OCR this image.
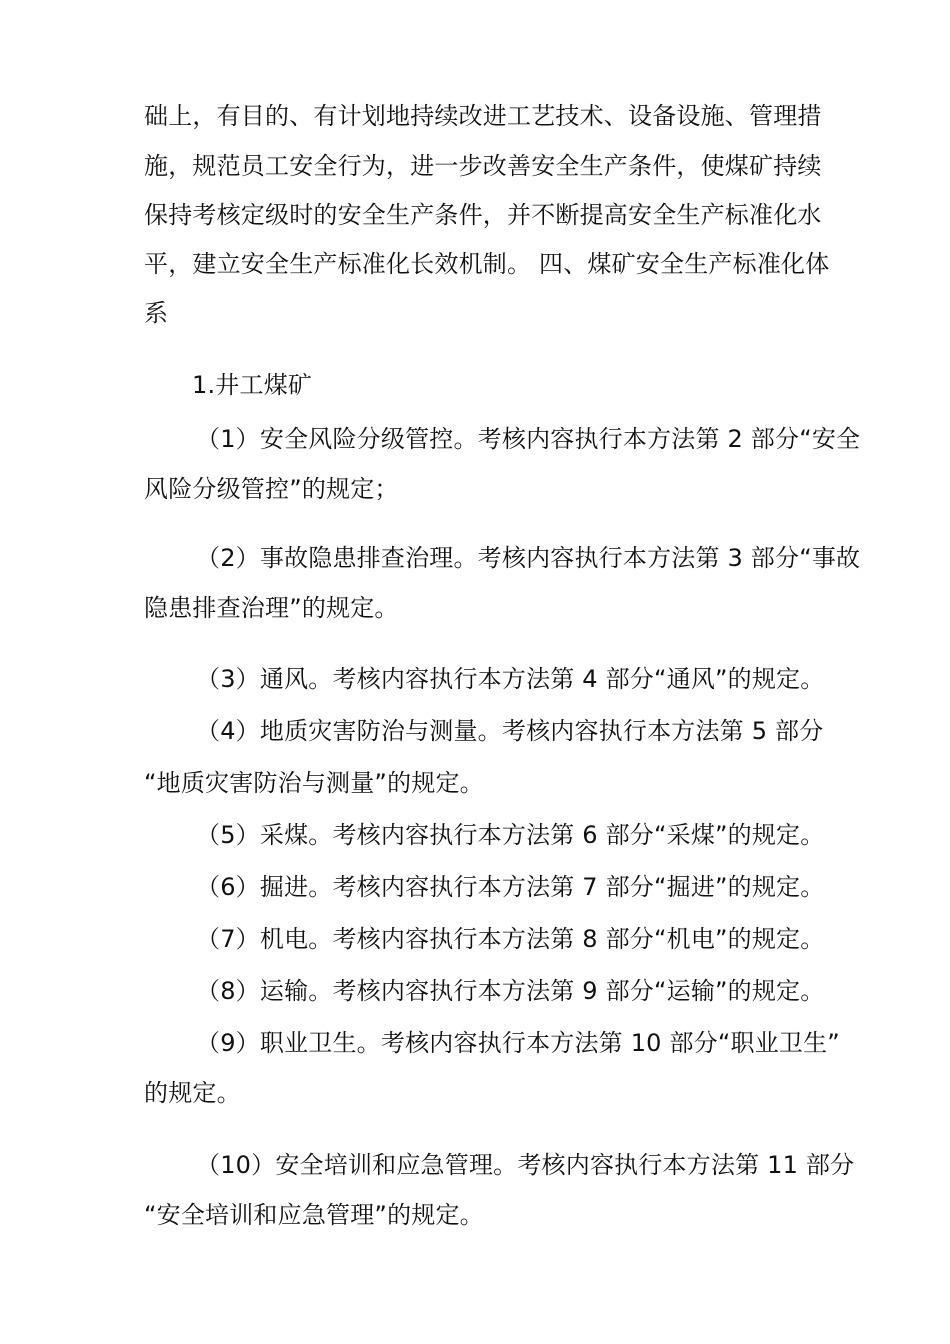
础上，有目的、有计划地持续改进工艺技术、设备设施、管理措
施，规范员工安全行为，进一步改善安全生产条件，使煤矿持续
保持考核定级时的安全生产条件，并不断提高安全生产标准化水
平，建立安全生产标准化长效机制。 四、煤矿安全生产标准化体
系
1.井工煤矿
（1）安全风险分级管控。考核内容执行本方法第 2 部分“安全
风险分级管控”的规定；
（2）事故隐患排查治理。考核内容执行本方法第 3 部分“事故
隐患排查治理”的规定。
（3）通风。考核内容执行本方法第 4 部分“通风”的规定。
（4）地质灾害防治与测量。考核内容执行本方法第 5 部分
“地质灾害防治与测量”的规定。
（5）采煤。考核内容执行本方法第 6 部分“采煤”的规定。
（6）掘进。考核内容执行本方法第 7 部分“掘进”的规定。
（7）机电。考核内容执行本方法第 8 部分“机电”的规定。
（8）运输。考核内容执行本方法第 9 部分“运输”的规定。
（9）职业卫生。考核内容执行本方法第 10 部分“职业卫生”
的规定。
（10）安全培训和应急管理。考核内容执行本方法第 11 部分
“安全培训和应急管理”的规定。
